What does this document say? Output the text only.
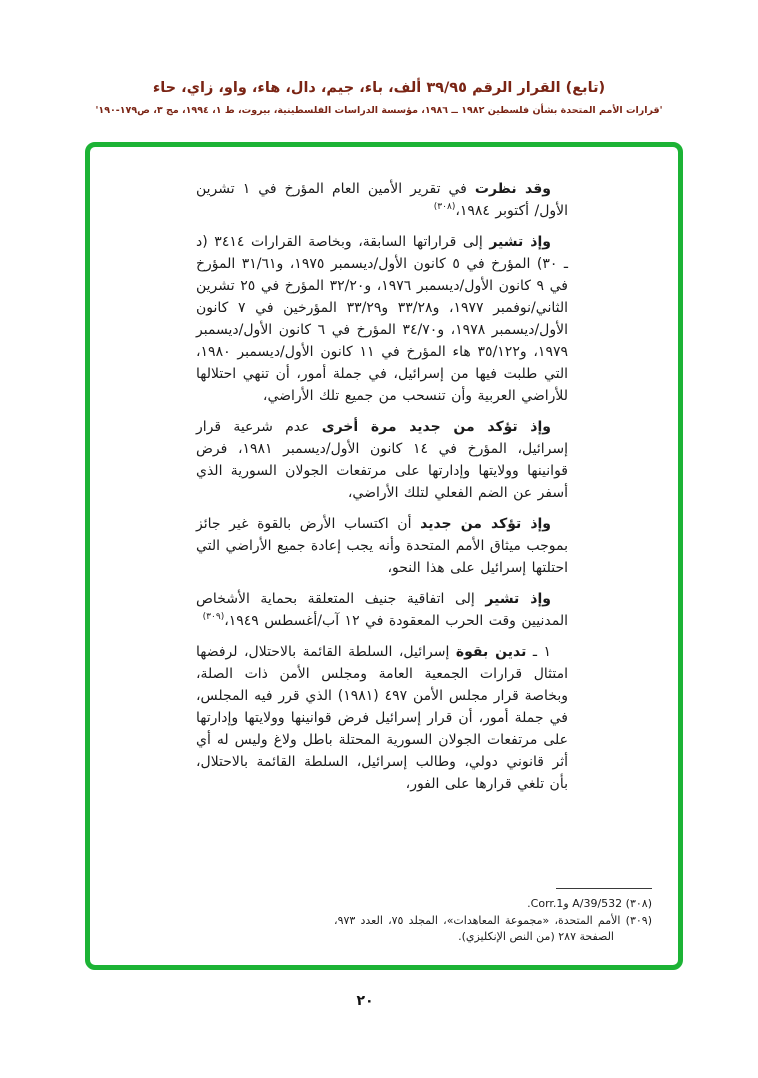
(تابع) القرار الرقم ٣٩/٩٥ ألف، باء، جيم، دال، هاء، واو، زاي، حاء
'قرارات الأمم المتحدة بشأن فلسطين ١٩٨٢ ــ ١٩٨٦، مؤسسة الدراسات الفلسطينية، بيروت، ط ١، ١٩٩٤، مج ٣، ص١٧٩-١٩٠'

وقد نظرت في تقرير الأمين العام المؤرخ في ١ تشرين الأول/ أكتوبر ١٩٨٤،$^{(٣٠٨)}$

وإذ تشير إلى قراراتها السابقة، وبخاصة القرارات ٣٤١٤ (د ـ ٣٠) المؤرخ في ٥ كانون الأول/ديسمبر ١٩٧٥، و٣١/٦١ المؤرخ في ٩ كانون الأول/ديسمبر ١٩٧٦، و٣٢/٢٠ المؤرخ في ٢٥ تشرين الثاني/نوفمبر ١٩٧٧، و٣٣/٢٨ و٣٣/٢٩ المؤرخين في ٧ كانون الأول/ديسمبر ١٩٧٨، و٣٤/٧٠ المؤرخ في ٦ كانون الأول/ديسمبر ١٩٧٩، و٣٥/١٢٢ هاء المؤرخ في ١١ كانون الأول/ديسمبر ١٩٨٠، التي طلبت فيها من إسرائيل، في جملة أمور، أن تنهي احتلالها للأراضي العربية وأن تنسحب من جميع تلك الأراضي،

وإذ تؤكد من جديد مرة أخرى عدم شرعية قرار إسرائيل، المؤرخ في ١٤ كانون الأول/ديسمبر ١٩٨١، فرض قوانينها وولايتها وإدارتها على مرتفعات الجولان السورية الذي أسفر عن الضم الفعلي لتلك الأراضي،

وإذ تؤكد من جديد أن اكتساب الأرض بالقوة غير جائز بموجب ميثاق الأمم المتحدة وأنه يجب إعادة جميع الأراضي التي احتلتها إسرائيل على هذا النحو،

وإذ تشير إلى اتفاقية جنيف المتعلقة بحماية الأشخاص المدنيين وقت الحرب المعقودة في ١٢ آب/أغسطس ١٩٤٩،$^{(٣٠٩)}$

١ ـ تدين بقوة إسرائيل، السلطة القائمة بالاحتلال، لرفضها امتثال قرارات الجمعية العامة ومجلس الأمن ذات الصلة، وبخاصة قرار مجلس الأمن ٤٩٧ (١٩٨١) الذي قرر فيه المجلس، في جملة أمور، أن قرار إسرائيل فرض قوانينها وولايتها وإدارتها على مرتفعات الجولان السورية المحتلة باطل ولاغ وليس له أي أثر قانوني دولي، وطالب إسرائيل، السلطة القائمة بالاحتلال، بأن تلغي قرارها على الفور،

(٣٠٨) A/39/532 وCorr.1.

(٣٠٩) الأمم المتحدة، «مجموعة المعاهدات»، المجلد ٧٥، العدد ٩٧٣، الصفحة ٢٨٧ (من النص الإنكليزي).

٢٠
